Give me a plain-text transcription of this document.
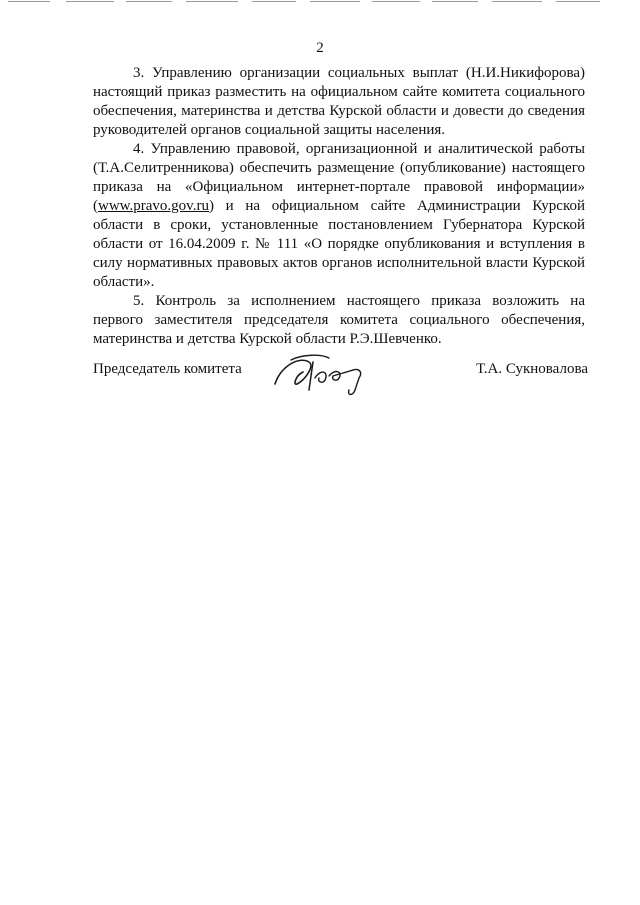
2

3. Управлению организации социальных выплат (Н.И.Никифорова) настоящий приказ разместить на официальном сайте комитета социального обеспечения, материнства и детства Курской области и довести до сведения руководителей органов социальной защиты населения.

4. Управлению правовой, организационной и аналитической работы (Т.А.Селитренникова) обеспечить размещение (опубликование) настоящего приказа на «Официальном интернет-портале правовой информации» (www.pravo.gov.ru) и на официальном сайте Администрации Курской области в сроки, установленные постановлением Губернатора Курской области от 16.04.2009 г. № 111 «О порядке опубликования и вступления в силу нормативных правовых актов органов исполнительной власти Курской области».

5. Контроль за исполнением настоящего приказа возложить на первого заместителя председателя комитета социального обеспечения, материнства и детства Курской области Р.Э.Шевченко.

Председатель комитета	Т.А. Сукновалова
